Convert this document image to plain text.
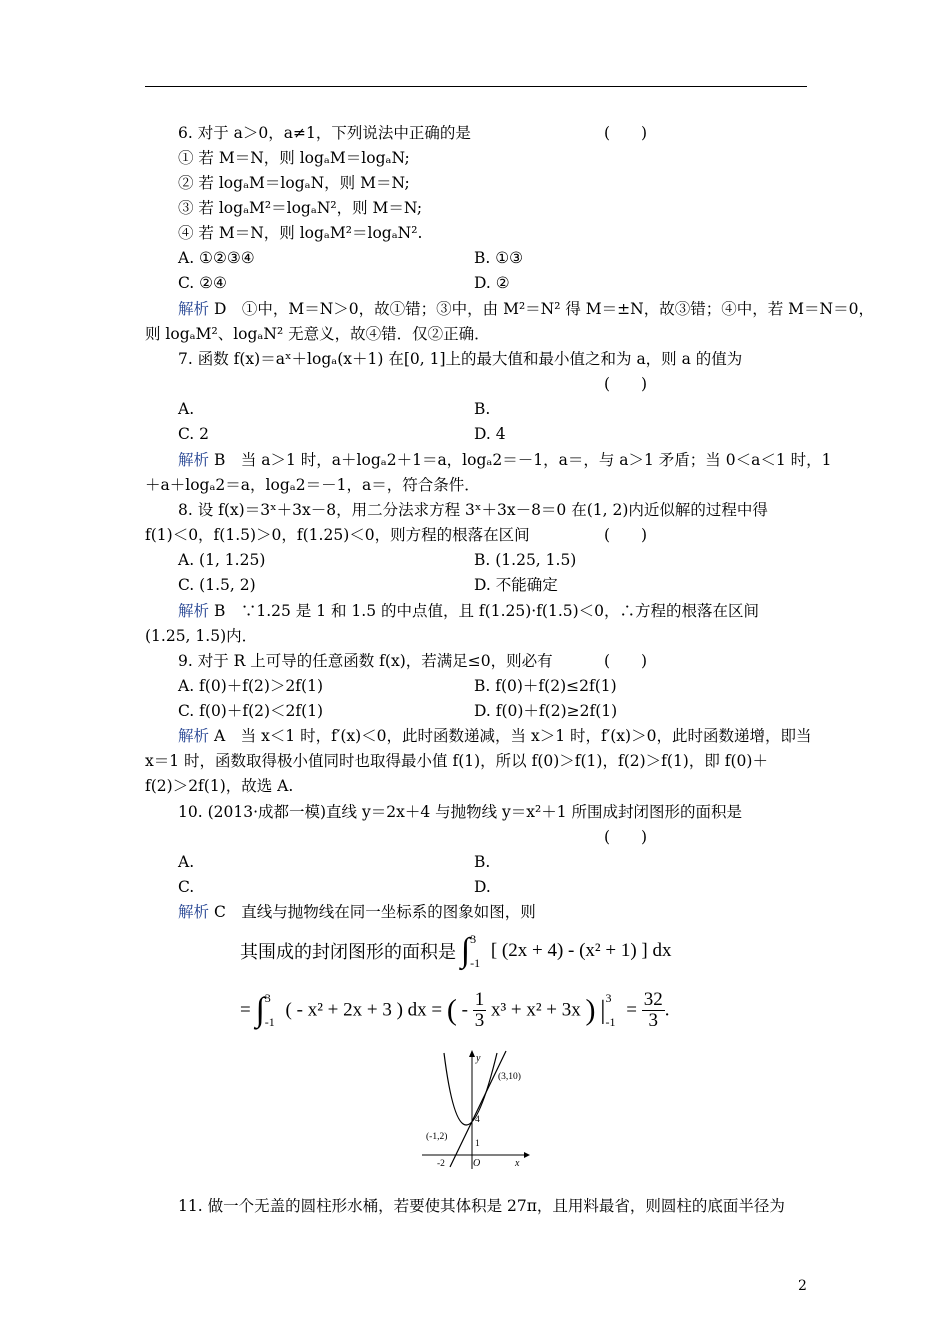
6. 对于 a＞0，a≠1，下列说法中正确的是	(　　)
① 若 M＝N，则 logₐM＝logₐN;
② 若 logₐM＝logₐN，则 M＝N;
③ 若 logₐM²＝logₐN²，则 M＝N;
④ 若 M＝N，则 logₐM²＝logₐN².
A. ①②③④	B. ①③
C. ②④	D. ②
解析 D　①中，M＝N＞0，故①错；③中，由 M²＝N² 得 M＝±N，故③错；④中，若 M＝N＝0，
则 logₐM²、logₐN² 无意义，故④错．仅②正确．
7. 函数 f(x)＝aˣ＋logₐ(x＋1) 在[0, 1]上的最大值和最小值之和为 a，则 a 的值为
(　　)
A.	B.
C. 2	D. 4
解析 B　当 a＞1 时，a＋logₐ2＋1＝a，logₐ2＝－1，a＝，与 a＞1 矛盾；当 0＜a＜1 时，1
＋a＋logₐ2＝a，logₐ2＝－1，a＝，符合条件．
8. 设 f(x)＝3ˣ＋3x－8，用二分法求方程 3ˣ＋3x－8＝0 在(1, 2)内近似解的过程中得
f(1)＜0，f(1.5)＞0，f(1.25)＜0，则方程的根落在区间	(　　)
A. (1, 1.25)	B. (1.25, 1.5)
C. (1.5, 2)	D. 不能确定
解析 B　∵1.25 是 1 和 1.5 的中点值，且 f(1.25)·f(1.5)＜0，∴方程的根落在区间
(1.25, 1.5)内．
9. 对于 R 上可导的任意函数 f(x)，若满足≤0，则必有	(　　)
A. f(0)＋f(2)＞2f(1)	B. f(0)＋f(2)≤2f(1)
C. f(0)＋f(2)＜2f(1)	D. f(0)＋f(2)≥2f(1)
解析 A　当 x＜1 时，f′(x)＜0，此时函数递减，当 x＞1 时，f′(x)＞0，此时函数递增，即当
x＝1 时，函数取得极小值同时也取得最小值 f(1)，所以 f(0)＞f(1)，f(2)＞f(1)，即 f(0)＋
f(2)＞2f(1)，故选 A.
10. (2013·成都一模)直线 y＝2x＋4 与抛物线 y＝x²＋1 所围成封闭图形的面积是
(　　)
A.	B.
C.	D.
解析 C　直线与抛物线在同一坐标系的图象如图，则
其围成的封闭图形的面积是 ∫ 3
-1
[ (2x + 4) - (x² + 1) ] dx
= ∫ 3
-1
( - x² + 2x + 3 ) dx = ( - $\frac{1}{3} x^3 + x^2 + 3x$ ) | 3
-1
= $\frac{32}{3}$ .
y
x
O
(3,10)
(-1,2)
4
1
-2
11. 做一个无盖的圆柱形水桶，若要使其体积是 27π，且用料最省，则圆柱的底面半径为
2
